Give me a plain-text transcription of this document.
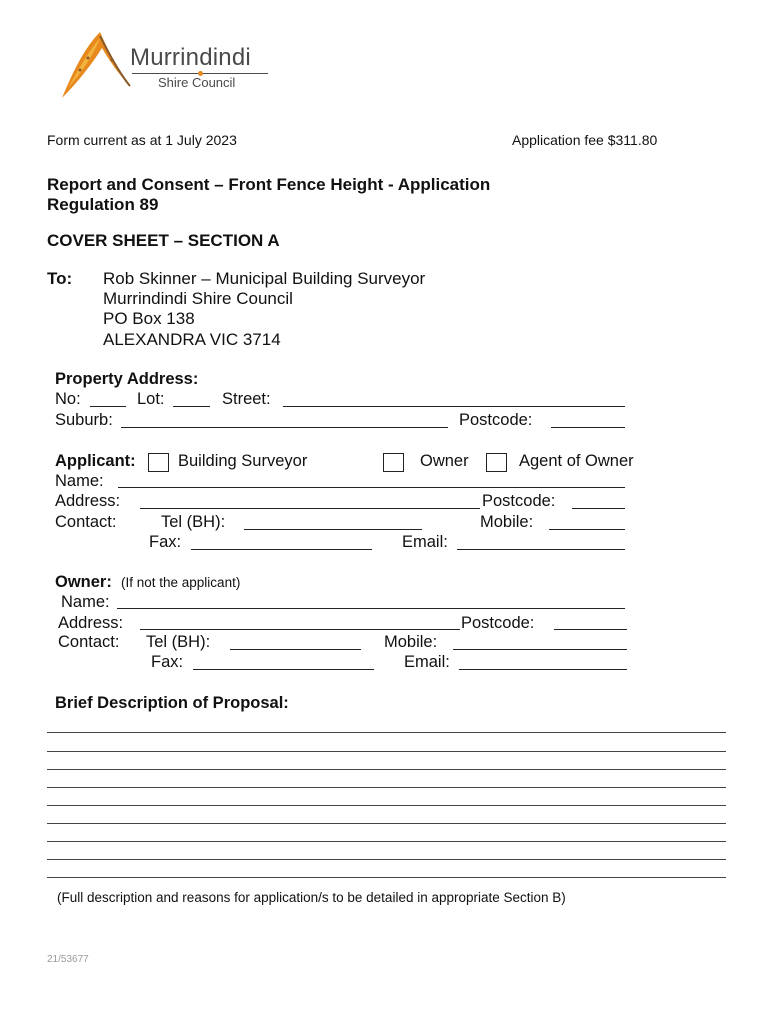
Murrindindi
Shire Council
Form current as at 1 July 2023	Application fee $311.80
Report and Consent – Front Fence Height - Application
Regulation 89
COVER SHEET – SECTION A
To: Rob Skinner – Municipal Building Surveyor
Murrindindi Shire Council
PO Box 138
ALEXANDRA VIC 3714
Property Address:
No:	Lot:	Street:
Suburb:	Postcode:
Applicant:	Building Surveyor	Owner	Agent of Owner
Name:
Address:	Postcode:
Contact:	Tel (BH):	Mobile:
Fax:	Email:
Owner: (If not the applicant)
Name:
Address:	Postcode:
Contact: Tel (BH):	Mobile:
Fax:	Email:
Brief Description of Proposal:
(Full description and reasons for application/s to be detailed in appropriate Section B)
21/53677
